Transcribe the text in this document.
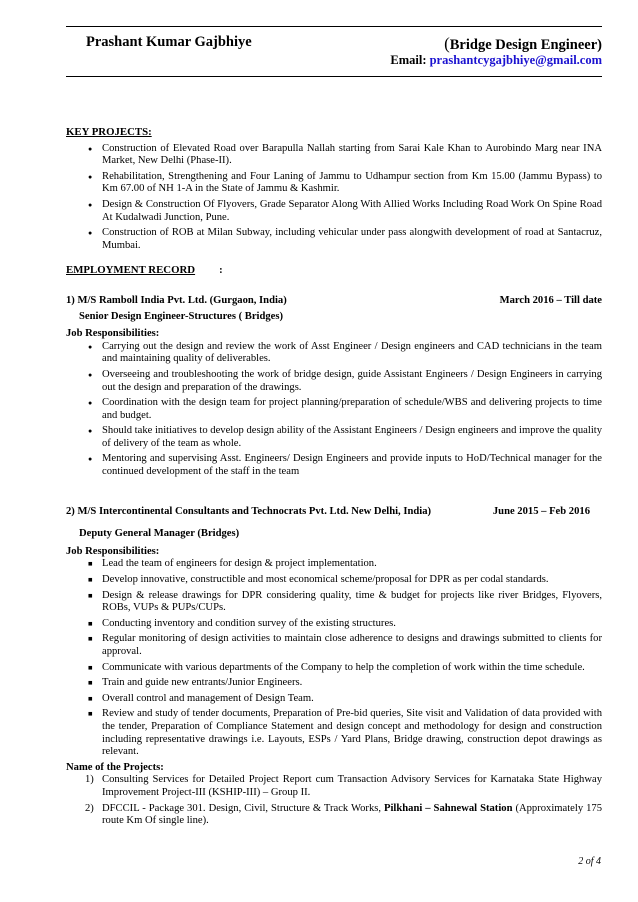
Prashant Kumar Gajbhiye	(Bridge Design Engineer)
Email: prashantcygajbhiye@gmail.com
KEY PROJECTS:
● Construction of Elevated Road over Barapulla Nallah starting from Sarai Kale Khan to Aurobindo Marg near INA Market, New Delhi (Phase-II).
● Rehabilitation, Strengthening and Four Laning of Jammu to Udhampur section from Km 15.00 (Jammu Bypass) to Km 67.00 of NH 1-A in the State of Jammu & Kashmir.
● Design & Construction Of Flyovers, Grade Separator Along With Allied Works Including Road Work On Spine Road At Kudalwadi Junction, Pune.
● Construction of ROB at Milan Subway, including vehicular under pass alongwith development of road at Santacruz, Mumbai.
EMPLOYMENT RECORD :
1) M/S Ramboll India Pvt. Ltd. (Gurgaon, India)	March 2016 – Till date
Senior Design Engineer-Structures ( Bridges)
Job Responsibilities:
● Carrying out the design and review the work of Asst Engineer / Design engineers and CAD technicians in the team and maintaining quality of deliverables.
● Overseeing and troubleshooting the work of bridge design, guide Assistant Engineers / Design Engineers in carrying out the design and preparation of the drawings.
● Coordination with the design team for project planning/preparation of schedule/WBS and delivering projects to time and budget.
● Should take initiatives to develop design ability of the Assistant Engineers / Design engineers and improve the quality of delivery of the team as whole.
● Mentoring and supervising Asst. Engineers/ Design Engineers and provide inputs to HoD/Technical manager for the continued development of the staff in the team
2) M/S Intercontinental Consultants and Technocrats Pvt. Ltd. New Delhi, India)	June 2015 – Feb 2016
Deputy General Manager (Bridges)
Job Responsibilities:
■ Lead the team of engineers for design & project implementation.
■ Develop innovative, constructible and most economical scheme/proposal for DPR as per codal standards.
■ Design & release drawings for DPR considering quality, time & budget for projects like river Bridges, Flyovers, ROBs, VUPs & PUPs/CUPs.
■ Conducting inventory and condition survey of the existing structures.
■ Regular monitoring of design activities to maintain close adherence to designs and drawings submitted to clients for approval.
■ Communicate with various departments of the Company to help the completion of work within the time schedule.
■ Train and guide new entrants/Junior Engineers.
■ Overall control and management of Design Team.
■ Review and study of tender documents, Preparation of Pre-bid queries, Site visit and Validation of data provided with the tender, Preparation of Compliance Statement and design concept and methodology for design and construction including representative drawings i.e. Layouts, ESPs / Yard Plans, Bridge drawing, construction depot drawings as relevant.
Name of the Projects:
1) Consulting Services for Detailed Project Report cum Transaction Advisory Services for Karnataka State Highway Improvement Project-III (KSHIP-III) – Group II.
2) DFCCIL - Package 301. Design, Civil, Structure & Track Works, Pilkhani – Sahnewal Station (Approximately 175 route Km Of single line).
2 of 4
